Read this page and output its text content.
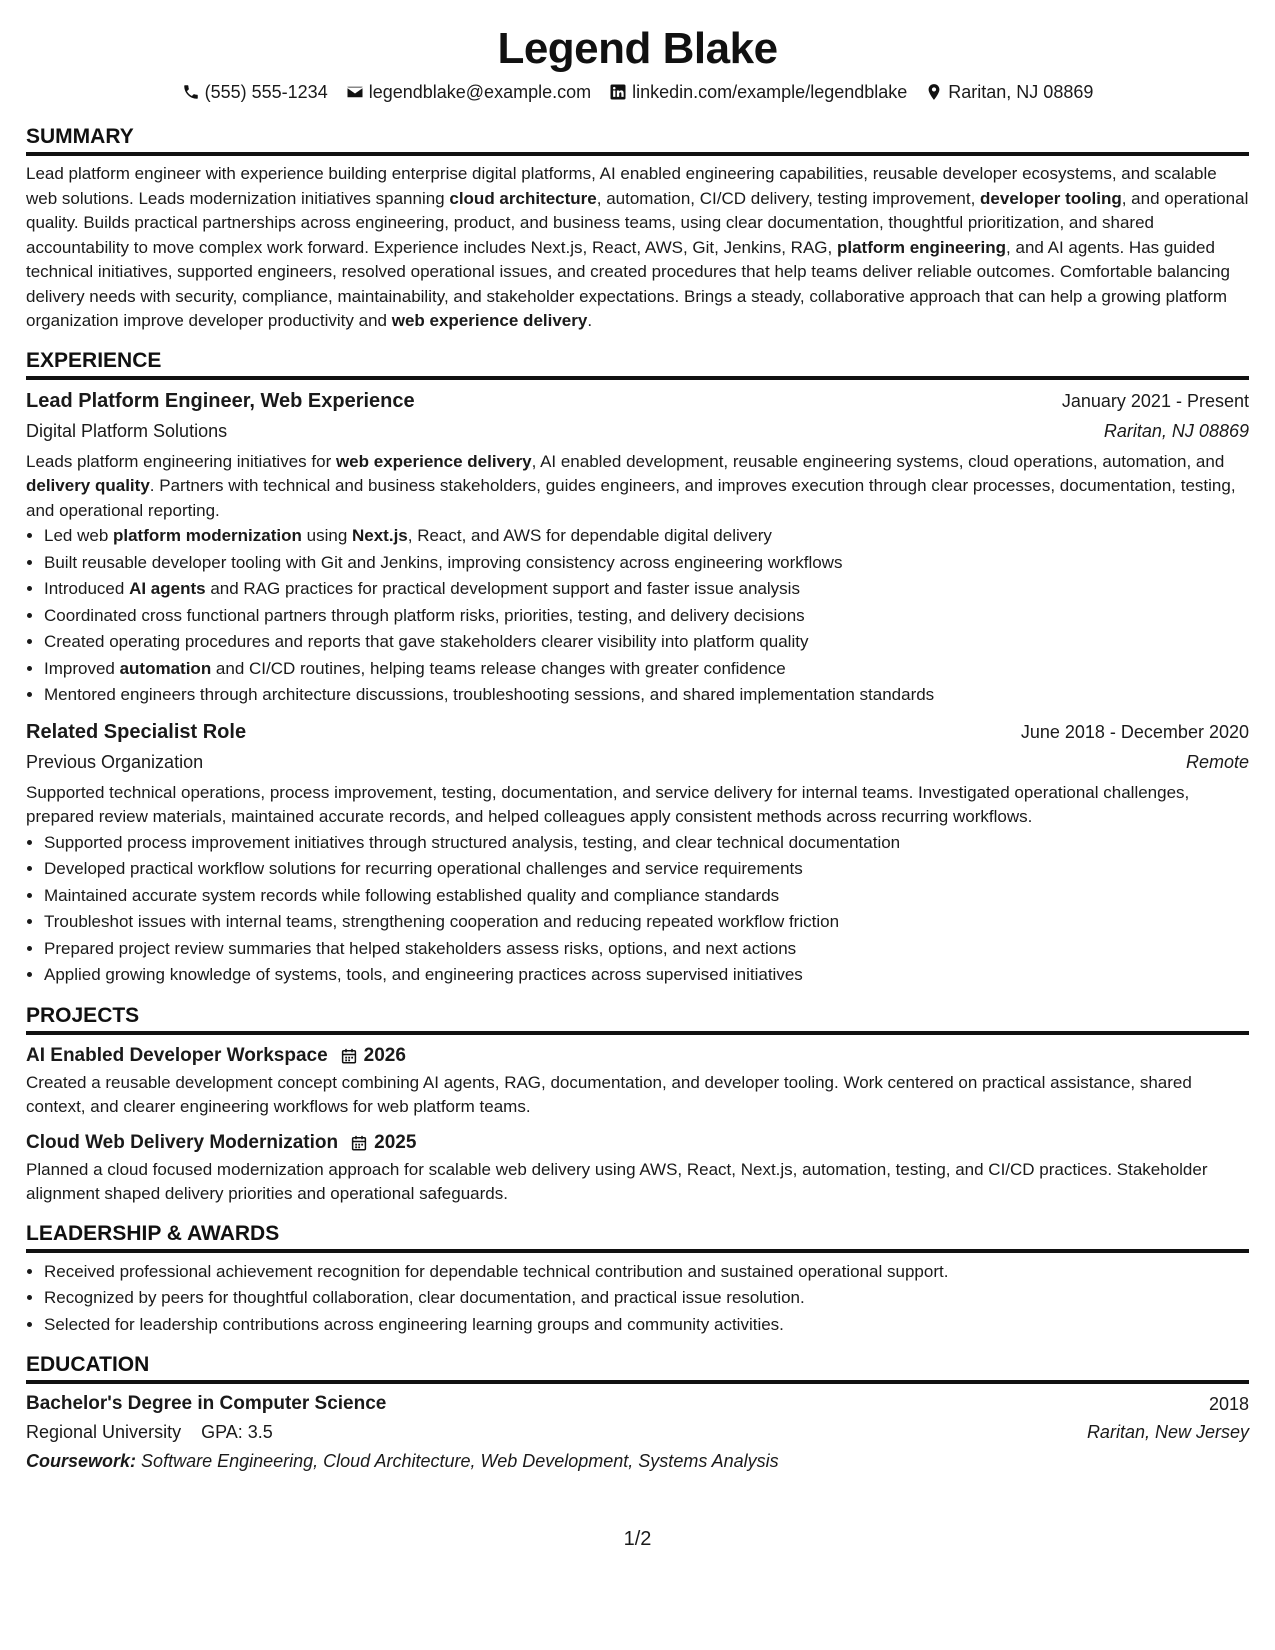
Legend Blake
(555) 555-1234 legendblake@example.com linkedin.com/example/legendblake Raritan, NJ 08869
SUMMARY

Lead platform engineer with experience building enterprise digital platforms, AI enabled engineering capabilities, reusable developer ecosystems, and scalable web solutions. Leads modernization initiatives spanning cloud architecture, automation, CI/CD delivery, testing improvement, developer tooling, and operational quality. Builds practical partnerships across engineering, product, and business teams, using clear documentation, thoughtful prioritization, and shared accountability to move complex work forward. Experience includes Next.js, React, AWS, Git, Jenkins, RAG, platform engineering, and AI agents. Has guided technical initiatives, supported engineers, resolved operational issues, and created procedures that help teams deliver reliable outcomes. Comfortable balancing delivery needs with security, compliance, maintainability, and stakeholder expectations. Brings a steady, collaborative approach that can help a growing platform organization improve developer productivity and web experience delivery.

EXPERIENCE
Lead Platform Engineer, Web Experience	January 2021 - Present
Digital Platform Solutions	Raritan, NJ 08869

Leads platform engineering initiatives for web experience delivery, AI enabled development, reusable engineering systems, cloud operations, automation, and delivery quality. Partners with technical and business stakeholders, guides engineers, and improves execution through clear processes, documentation, testing, and operational reporting.

• Led web platform modernization using Next.js, React, and AWS for dependable digital delivery
• Built reusable developer tooling with Git and Jenkins, improving consistency across engineering workflows
• Introduced AI agents and RAG practices for practical development support and faster issue analysis
• Coordinated cross functional partners through platform risks, priorities, testing, and delivery decisions
• Created operating procedures and reports that gave stakeholders clearer visibility into platform quality
• Improved automation and CI/CD routines, helping teams release changes with greater confidence
• Mentored engineers through architecture discussions, troubleshooting sessions, and shared implementation standards
Related Specialist Role	June 2018 - December 2020
Previous Organization	Remote

Supported technical operations, process improvement, testing, documentation, and service delivery for internal teams. Investigated operational challenges, prepared review materials, maintained accurate records, and helped colleagues apply consistent methods across recurring workflows.

• Supported process improvement initiatives through structured analysis, testing, and clear technical documentation
• Developed practical workflow solutions for recurring operational challenges and service requirements
• Maintained accurate system records while following established quality and compliance standards
• Troubleshot issues with internal teams, strengthening cooperation and reducing repeated workflow friction
• Prepared project review summaries that helped stakeholders assess risks, options, and next actions
• Applied growing knowledge of systems, tools, and engineering practices across supervised initiatives
PROJECTS
AI Enabled Developer Workspace 2026

Created a reusable development concept combining AI agents, RAG, documentation, and developer tooling. Work centered on practical assistance, shared context, and clearer engineering workflows for web platform teams.

Cloud Web Delivery Modernization 2025

Planned a cloud focused modernization approach for scalable web delivery using AWS, React, Next.js, automation, testing, and CI/CD practices. Stakeholder alignment shaped delivery priorities and operational safeguards.

LEADERSHIP & AWARDS
• Received professional achievement recognition for dependable technical contribution and sustained operational support.
• Recognized by peers for thoughtful collaboration, clear documentation, and practical issue resolution.
• Selected for leadership contributions across engineering learning groups and community activities.
EDUCATION
Bachelor's Degree in Computer Science	2018
Regional University GPA: 3.5	Raritan, New Jersey
Coursework: Software Engineering, Cloud Architecture, Web Development, Systems Analysis
1/2
